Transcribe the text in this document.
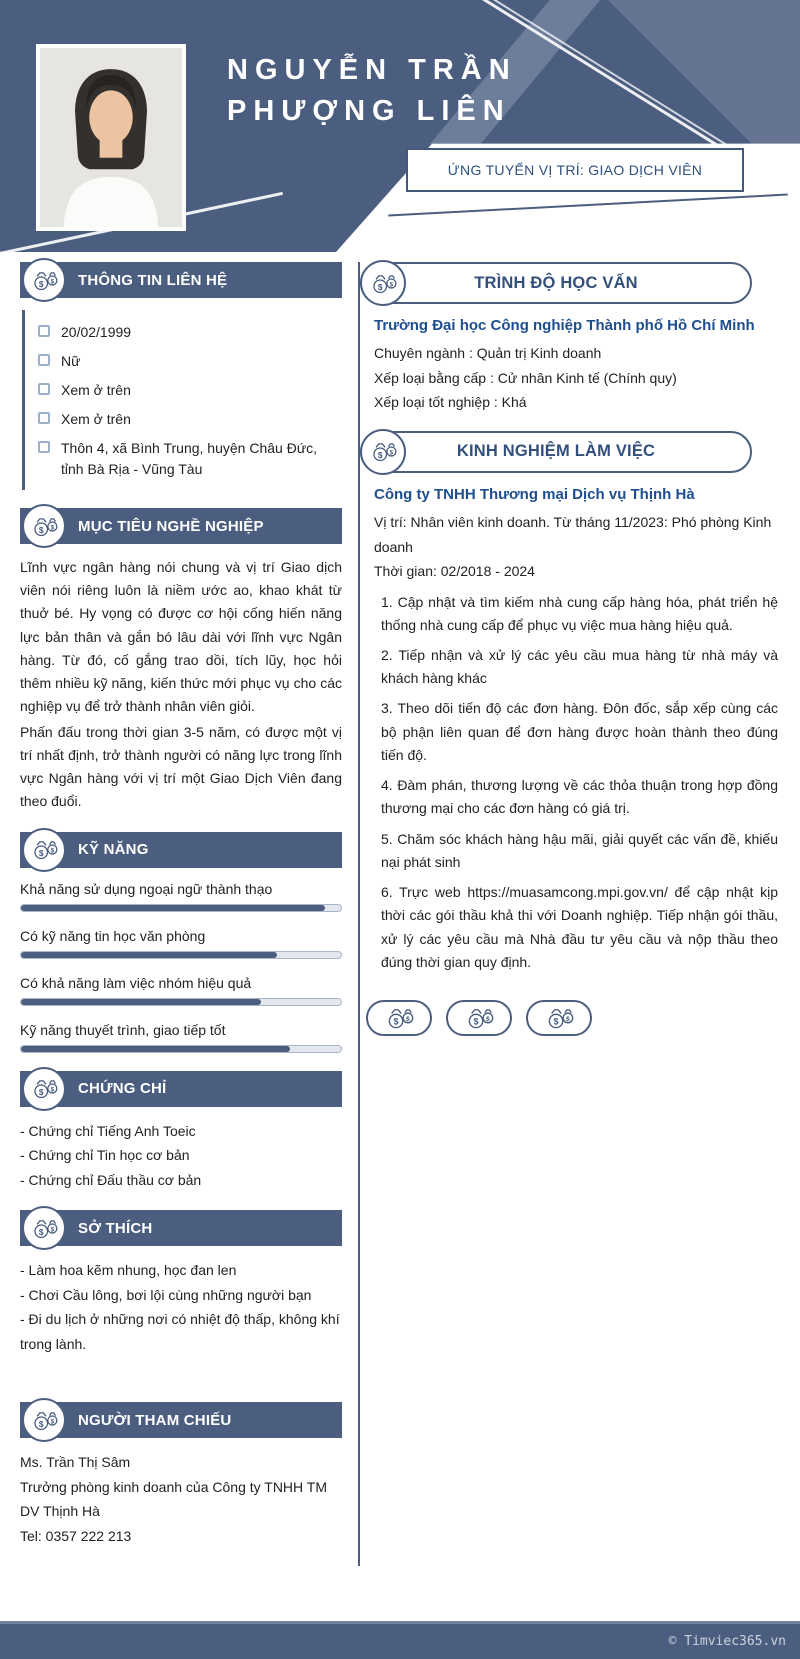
NGUYỄN TRẦN
PHƯỢNG LIÊN
ỨNG TUYỂN VỊ TRÍ: GIAO DỊCH VIÊN
$ $ THÔNG TIN LIÊN HỆ
20/02/1999
Nữ
Xem ở trên
Xem ở trên
Thôn 4, xã Bình Trung, huyện Châu Đức, tỉnh Bà Rịa - Vũng Tàu
$ $ MỤC TIÊU NGHỀ NGHIỆP
Lĩnh vực ngân hàng nói chung và vị trí Giao dịch viên nói riêng luôn là niềm ước ao, khao khát từ thuở bé. Hy vọng có được cơ hội cống hiến năng lực bản thân và gắn bó lâu dài với lĩnh vực Ngân hàng. Từ đó, cố gắng trao dồi, tích lũy, học hỏi thêm nhiều kỹ năng, kiến thức mới phục vụ cho các nghiệp vụ để trở thành nhân viên giỏi.
Phấn đấu trong thời gian 3-5 năm, có được một vị trí nhất định, trở thành người có năng lực trong lĩnh vực Ngân hàng với vị trí một Giao Dịch Viên đang theo đuổi.
$ $ KỸ NĂNG
Khả năng sử dụng ngoại ngữ thành thạo
Có kỹ năng tin học văn phòng
Có khả năng làm việc nhóm hiệu quả
Kỹ năng thuyết trình, giao tiếp tốt
$ $ CHỨNG CHỈ
- Chứng chỉ Tiếng Anh Toeic
- Chứng chỉ Tin học cơ bản
- Chứng chỉ Đấu thầu cơ bản
$ $ SỞ THÍCH
- Làm hoa kẽm nhung, học đan len
- Chơi Cầu lông, bơi lội cùng những người bạn
- Đi du lịch ở những nơi có nhiệt độ thấp, không khí trong lành.
$ $ NGƯỜI THAM CHIẾU
Ms. Trần Thị Sâm
Trưởng phòng kinh doanh của Công ty TNHH TM DV Thịnh Hà
Tel: 0357 222 213
$ $	TRÌNH ĐỘ HỌC VẤN
Trường Đại học Công nghiệp Thành phố Hồ Chí Minh
Chuyên ngành : Quản trị Kinh doanh
Xếp loại bằng cấp : Cử nhân Kinh tế (Chính quy)
Xếp loại tốt nghiệp : Khá
$ $	KINH NGHIỆM LÀM VIỆC
Công ty TNHH Thương mại Dịch vụ Thịnh Hà
Vị trí: Nhân viên kinh doanh. Từ tháng 11/2023: Phó phòng Kinh doanh
Thời gian: 02/2018 - 2024
1. Cập nhật và tìm kiếm nhà cung cấp hàng hóa, phát triển hệ thống nhà cung cấp để phục vụ việc mua hàng hiệu quả.
2. Tiếp nhận và xử lý các yêu cầu mua hàng từ nhà máy và khách hàng khác
3. Theo dõi tiến độ các đơn hàng. Đôn đốc, sắp xếp cùng các bộ phận liên quan để đơn hàng được hoàn thành theo đúng tiến độ.
4. Đàm phán, thương lượng về các thỏa thuận trong hợp đồng thương mại cho các đơn hàng có giá trị.
5. Chăm sóc khách hàng hậu mãi, giải quyết các vấn đề, khiếu nại phát sinh
6. Trực web https://muasamcong.mpi.gov.vn/ để cập nhật kịp thời các gói thầu khả thi với Doanh nghiệp. Tiếp nhận gói thầu, xử lý các yêu cầu mà Nhà đầu tư yêu cầu và nộp thầu theo đúng thời gian quy định.
$ $	$ $	$ $
© Timviec365.vn
